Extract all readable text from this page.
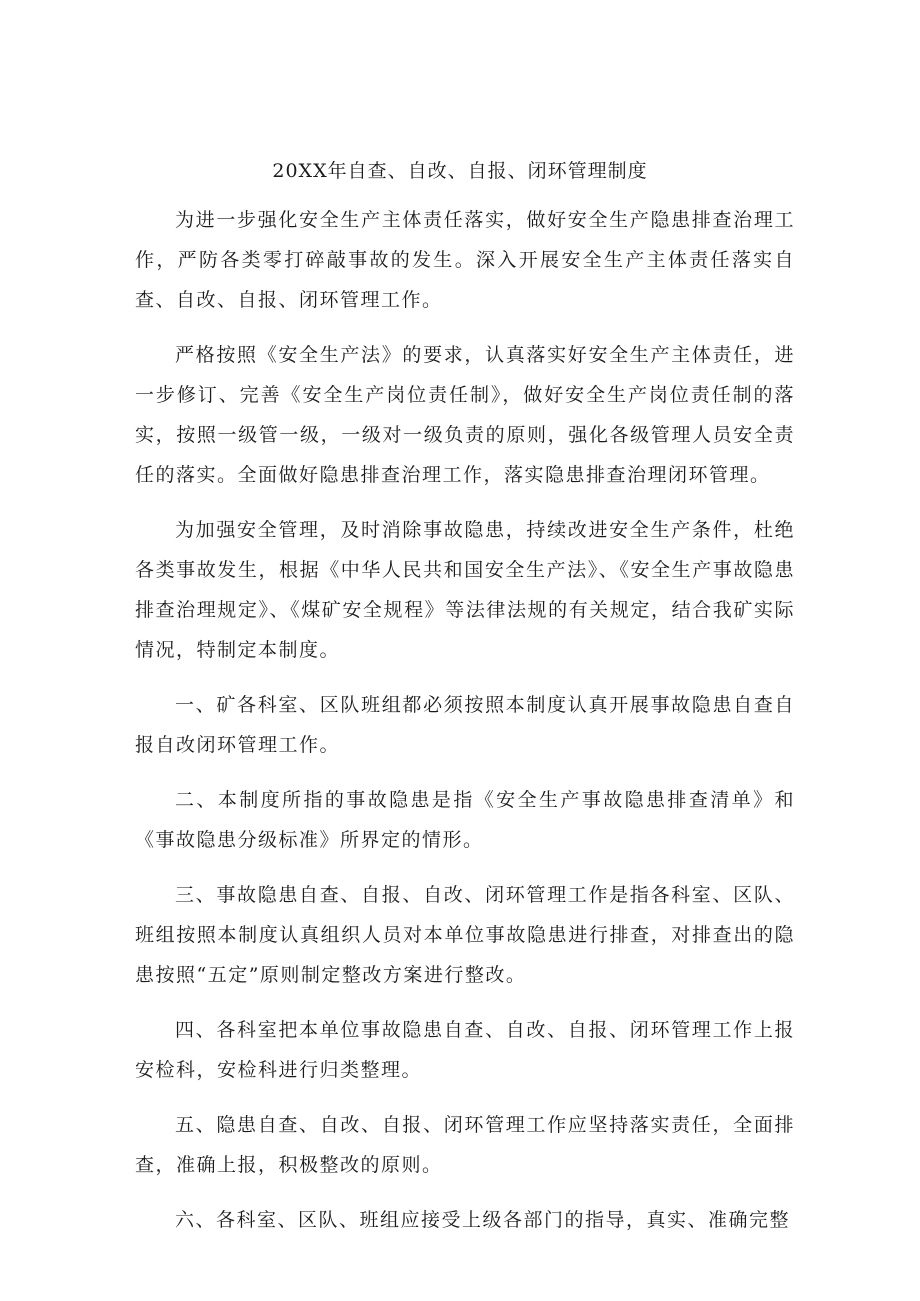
20XX年自查、自改、自报、闭环管理制度

为进一步强化安全生产主体责任落实，做好安全生产隐患排查治理工作，严防各类零打碎敲事故的发生。深入开展安全生产主体责任落实自查、自改、自报、闭环管理工作。

严格按照《安全生产法》的要求，认真落实好安全生产主体责任，进一步修订、完善《安全生产岗位责任制》，做好安全生产岗位责任制的落实，按照一级管一级，一级对一级负责的原则，强化各级管理人员安全责任的落实。全面做好隐患排查治理工作，落实隐患排查治理闭环管理。

为加强安全管理，及时消除事故隐患，持续改进安全生产条件，杜绝各类事故发生，根据《中华人民共和国安全生产法》、《安全生产事故隐患排查治理规定》、《煤矿安全规程》等法律法规的有关规定，结合我矿实际情况，特制定本制度。

一、矿各科室、区队班组都必须按照本制度认真开展事故隐患自查自报自改闭环管理工作。

二、本制度所指的事故隐患是指《安全生产事故隐患排查清单》和《事故隐患分级标准》所界定的情形。

三、事故隐患自查、自报、自改、闭环管理工作是指各科室、区队、班组按照本制度认真组织人员对本单位事故隐患进行排查，对排查出的隐患按照“五定”原则制定整改方案进行整改。

四、各科室把本单位事故隐患自查、自改、自报、闭环管理工作上报安检科，安检科进行归类整理。

五、隐患自查、自改、自报、闭环管理工作应坚持落实责任，全面排查，准确上报，积极整改的原则。

六、各科室、区队、班组应接受上级各部门的指导，真实、准确完整
